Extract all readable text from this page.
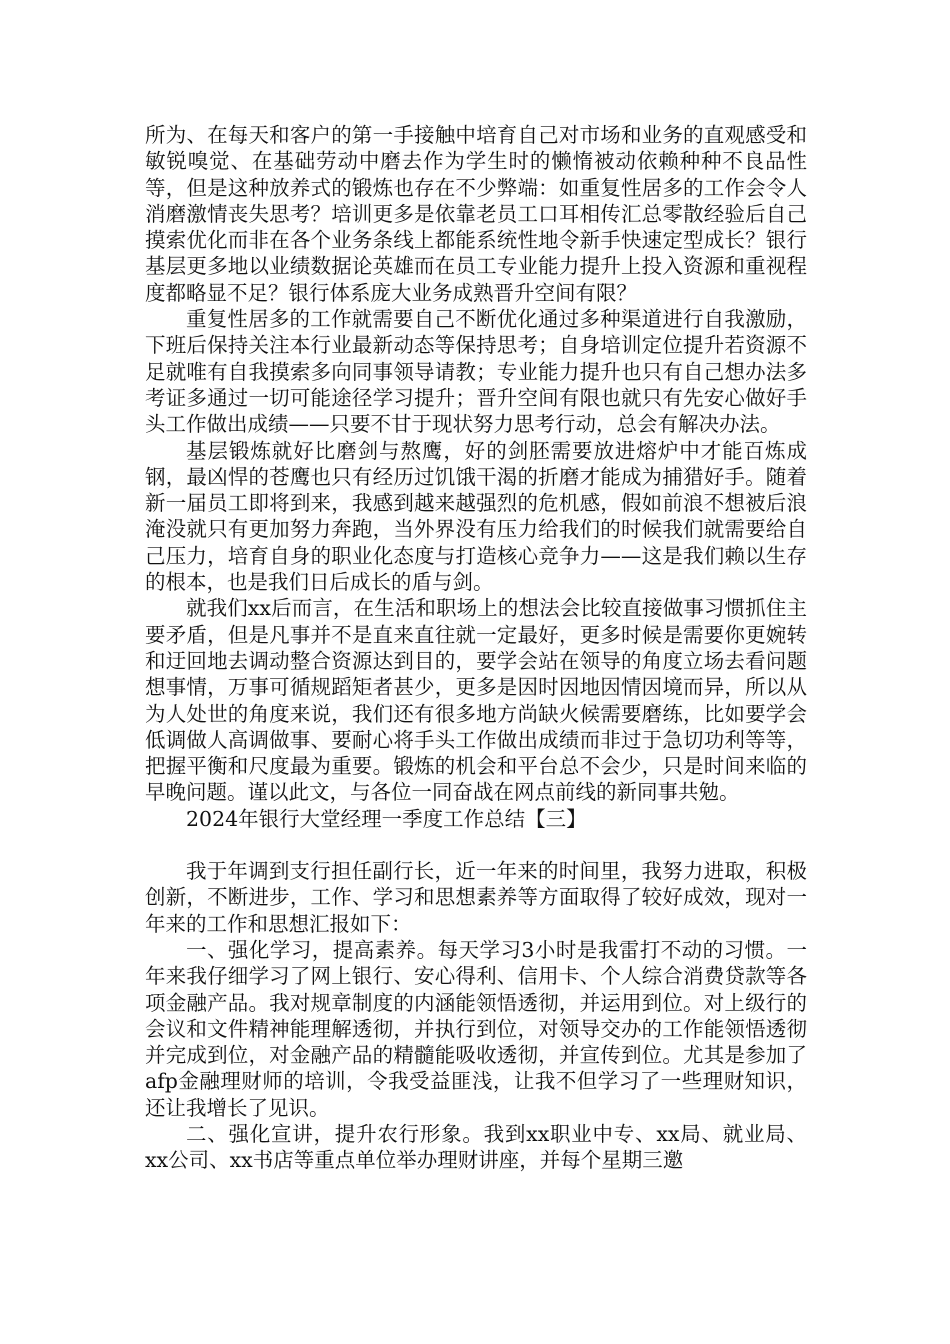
所为、在每天和客户的第一手接触中培育自己对市场和业务的直观感受和敏锐嗅觉、在基础劳动中磨去作为学生时的懒惰被动依赖种种不良品性等，但是这种放养式的锻炼也存在不少弊端：如重复性居多的工作会令人消磨激情丧失思考？培训更多是依靠老员工口耳相传汇总零散经验后自己摸索优化而非在各个业务条线上都能系统性地令新手快速定型成长？银行基层更多地以业绩数据论英雄而在员工专业能力提升上投入资源和重视程度都略显不足？银行体系庞大业务成熟晋升空间有限？

重复性居多的工作就需要自己不断优化通过多种渠道进行自我激励，下班后保持关注本行业最新动态等保持思考；自身培训定位提升若资源不足就唯有自我摸索多向同事领导请教；专业能力提升也只有自己想办法多考证多通过一切可能途径学习提升；晋升空间有限也就只有先安心做好手头工作做出成绩——只要不甘于现状努力思考行动，总会有解决办法。

基层锻炼就好比磨剑与熬鹰，好的剑胚需要放进熔炉中才能百炼成钢，最凶悍的苍鹰也只有经历过饥饿干渴的折磨才能成为捕猎好手。随着新一届员工即将到来，我感到越来越强烈的危机感，假如前浪不想被后浪淹没就只有更加努力奔跑，当外界没有压力给我们的时候我们就需要给自己压力，培育自身的职业化态度与打造核心竞争力——这是我们赖以生存的根本，也是我们日后成长的盾与剑。

就我们xx后而言，在生活和职场上的想法会比较直接做事习惯抓住主要矛盾，但是凡事并不是直来直往就一定最好，更多时候是需要你更婉转和迂回地去调动整合资源达到目的，要学会站在领导的角度立场去看问题想事情，万事可循规蹈矩者甚少，更多是因时因地因情因境而异，所以从为人处世的角度来说，我们还有很多地方尚缺火候需要磨练，比如要学会低调做人高调做事、要耐心将手头工作做出成绩而非过于急切功利等等，把握平衡和尺度最为重要。锻炼的机会和平台总不会少，只是时间来临的早晚问题。谨以此文，与各位一同奋战在网点前线的新同事共勉。

2024年银行大堂经理一季度工作总结【三】

我于年调到支行担任副行长，近一年来的时间里，我努力进取，积极创新，不断进步，工作、学习和思想素养等方面取得了较好成效，现对一年来的工作和思想汇报如下：

一、强化学习，提高素养。每天学习3小时是我雷打不动的习惯。一年来我仔细学习了网上银行、安心得利、信用卡、个人综合消费贷款等各项金融产品。我对规章制度的内涵能领悟透彻，并运用到位。对上级行的会议和文件精神能理解透彻，并执行到位，对领导交办的工作能领悟透彻并完成到位，对金融产品的精髓能吸收透彻，并宣传到位。尤其是参加了afp金融理财师的培训，令我受益匪浅，让我不但学习了一些理财知识，还让我增长了见识。

二、强化宣讲，提升农行形象。我到xx职业中专、xx局、就业局、xx公司、xx书店等重点单位举办理财讲座，并每个星期三邀
